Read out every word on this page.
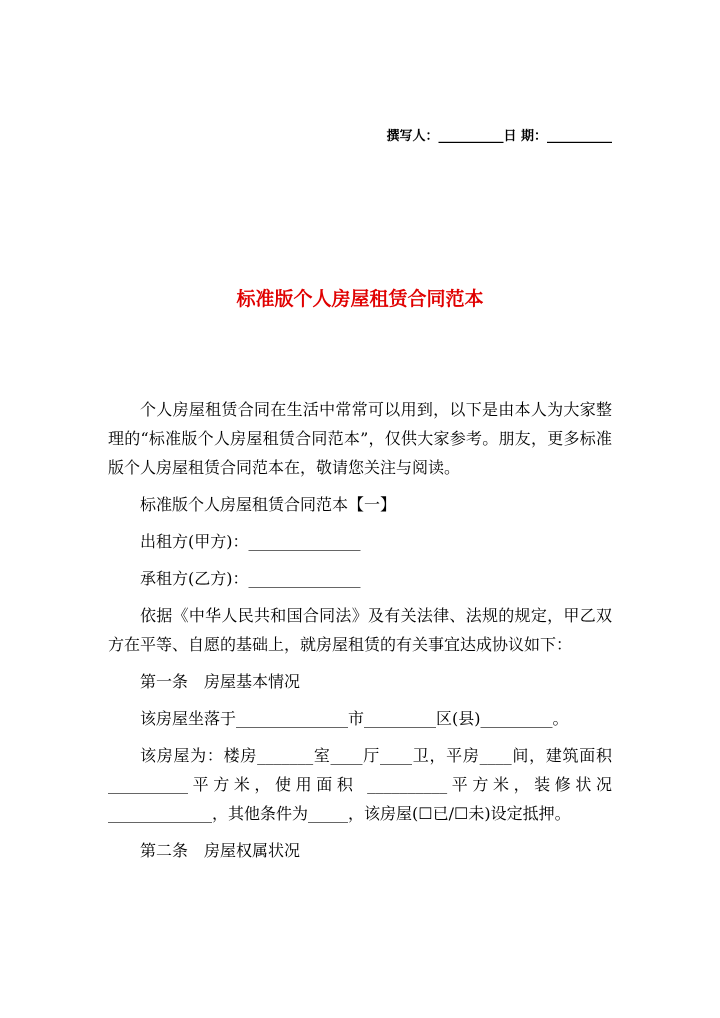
撰写人：__________日 期：__________
标准版个人房屋租赁合同范本

个人房屋租赁合同在生活中常常可以用到，以下是由本人为大家整理的“标准版个人房屋租赁合同范本”，仅供大家参考。朋友，更多标准版个人房屋租赁合同范本在，敬请您关注与阅读。

标准版个人房屋租赁合同范本【一】

出租方(甲方)：______________

承租方(乙方)：______________

依据《中华人民共和国合同法》及有关法律、法规的规定，甲乙双方在平等、自愿的基础上，就房屋租赁的有关事宜达成协议如下：

第一条　房屋基本情况

该房屋坐落于______________市_________区(县)_________。

该房屋为：楼房_______室____厅____卫，平房____间，建筑面积__________平方米，使用面积 __________平方米，装修状况_____________，其他条件为_____，该房屋(☐已/☐未)设定抵押。

第二条　房屋权属状况
